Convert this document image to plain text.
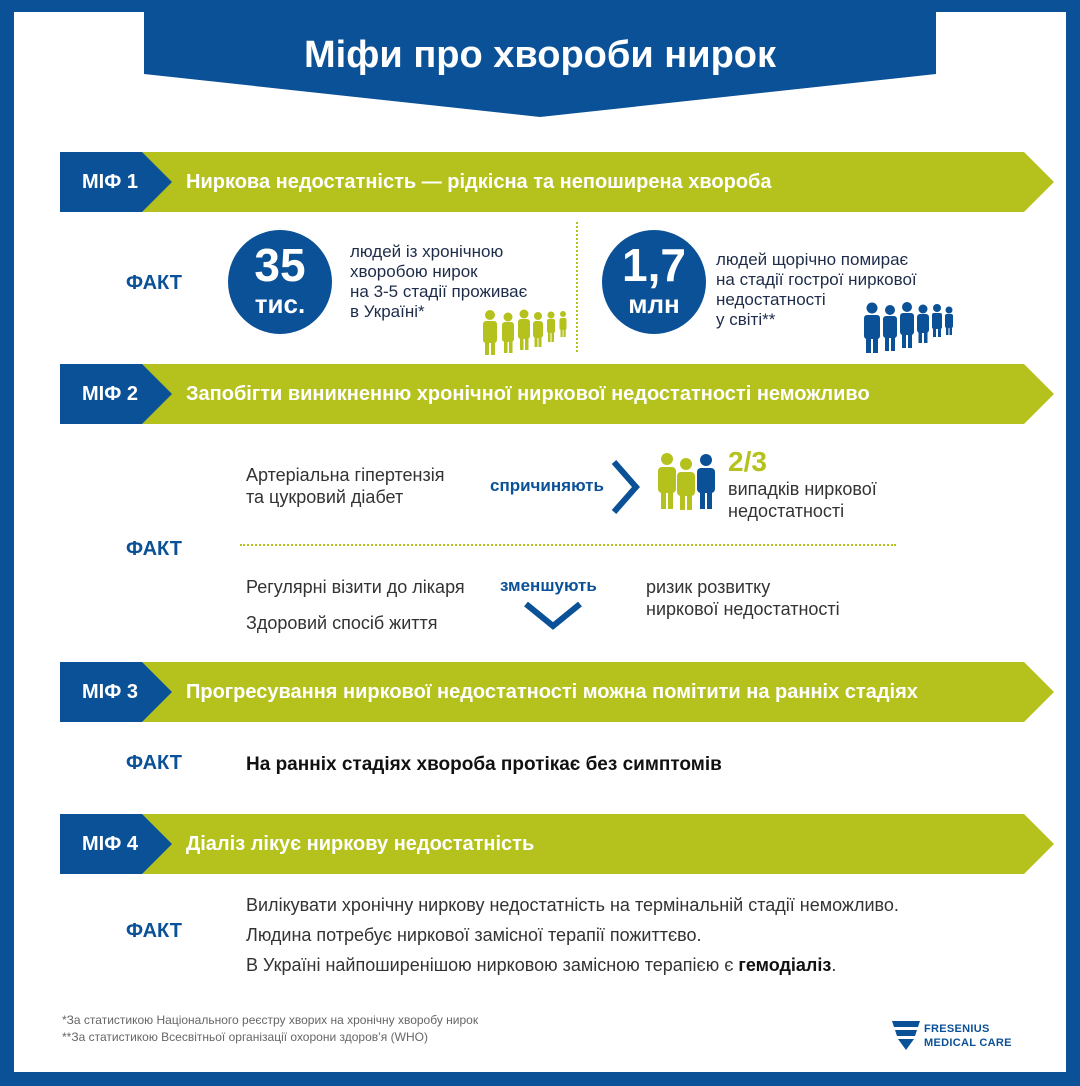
Міфи про хвороби нирок
МІФ 1	Ниркова недостатність — рідкісна та непоширена хвороба
ФАКТ	35
тис.
людей із хронічною
хворобою нирок
на 3-5 стадії проживає
в Україні*
1,7
млн
людей щорічно помирає
на стадії гострої ниркової
недостатності
у світі**
МІФ 2	Запобігти виникненню хронічної ниркової недостатності неможливо
Артеріальна гіпертензія
та цукровий діабет
спричиняють
2/3
випадків ниркової
недостатності
ФАКТ
Регулярні візити до лікаря
Здоровий спосіб життя
зменшують	ризик розвитку
ниркової недостатності
МІФ 3	Прогресування ниркової недостатності можна помітити на ранніх стадіях
ФАКТ	На ранніх стадіях хвороба протікає без симптомів
МІФ 4	Діаліз лікує ниркову недостатність
ФАКТ
Вилікувати хронічну ниркову недостатність на термінальній стадії неможливо.
Людина потребує ниркової замісної терапії пожиттєво.
В Україні найпоширенішою нирковою замісною терапією є гемодіаліз.
*За статистикою Національного реєстру хворих на хронічну хворобу нирок
**За статистикою Всесвітньої організації охорони здоров’я (WHO)
FRESENIUS
MEDICAL CARE
